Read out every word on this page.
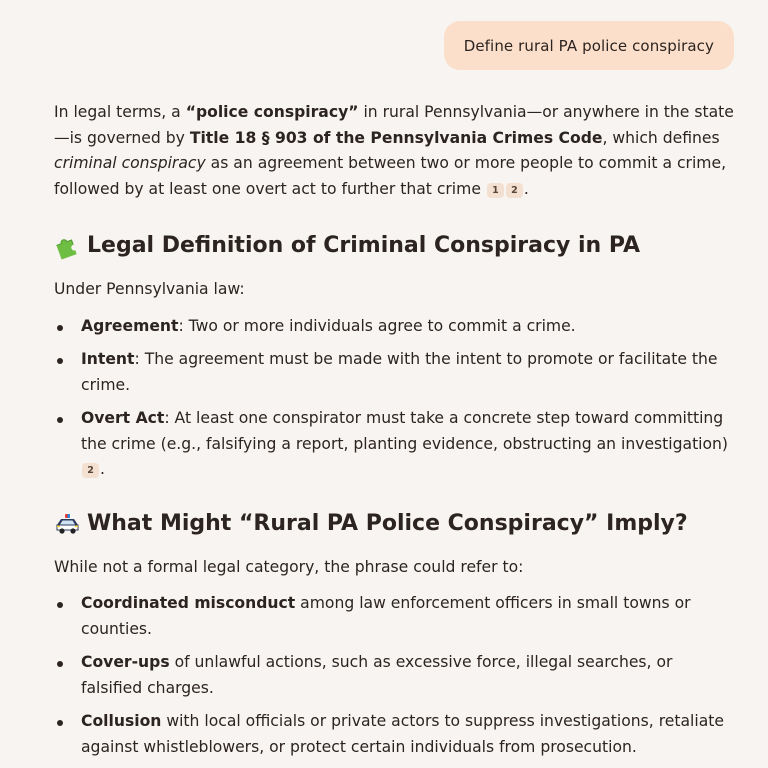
Define rural PA police conspiracy

In legal terms, a “police conspiracy” in rural Pennsylvania—or anywhere in the state—is governed by Title 18 § 903 of the Pennsylvania Crimes Code, which defines criminal conspiracy as an agreement between two or more people to commit a crime, followed by at least one overt act to further that crime 1 2 .

Legal Definition of Criminal Conspiracy in PA

Under Pennsylvania law:

Agreement: Two or more individuals agree to commit a crime.
Intent: The agreement must be made with the intent to promote or facilitate the crime.
Overt Act: At least one conspirator must take a concrete step toward committing the crime (e.g., falsifying a report, planting evidence, obstructing an investigation) 2 .
What Might “Rural PA Police Conspiracy” Imply?

While not a formal legal category, the phrase could refer to:

Coordinated misconduct among law enforcement officers in small towns or counties.
Cover-ups of unlawful actions, such as excessive force, illegal searches, or falsified charges.
Collusion with local officials or private actors to suppress investigations, retaliate against whistleblowers, or protect certain individuals from prosecution.
